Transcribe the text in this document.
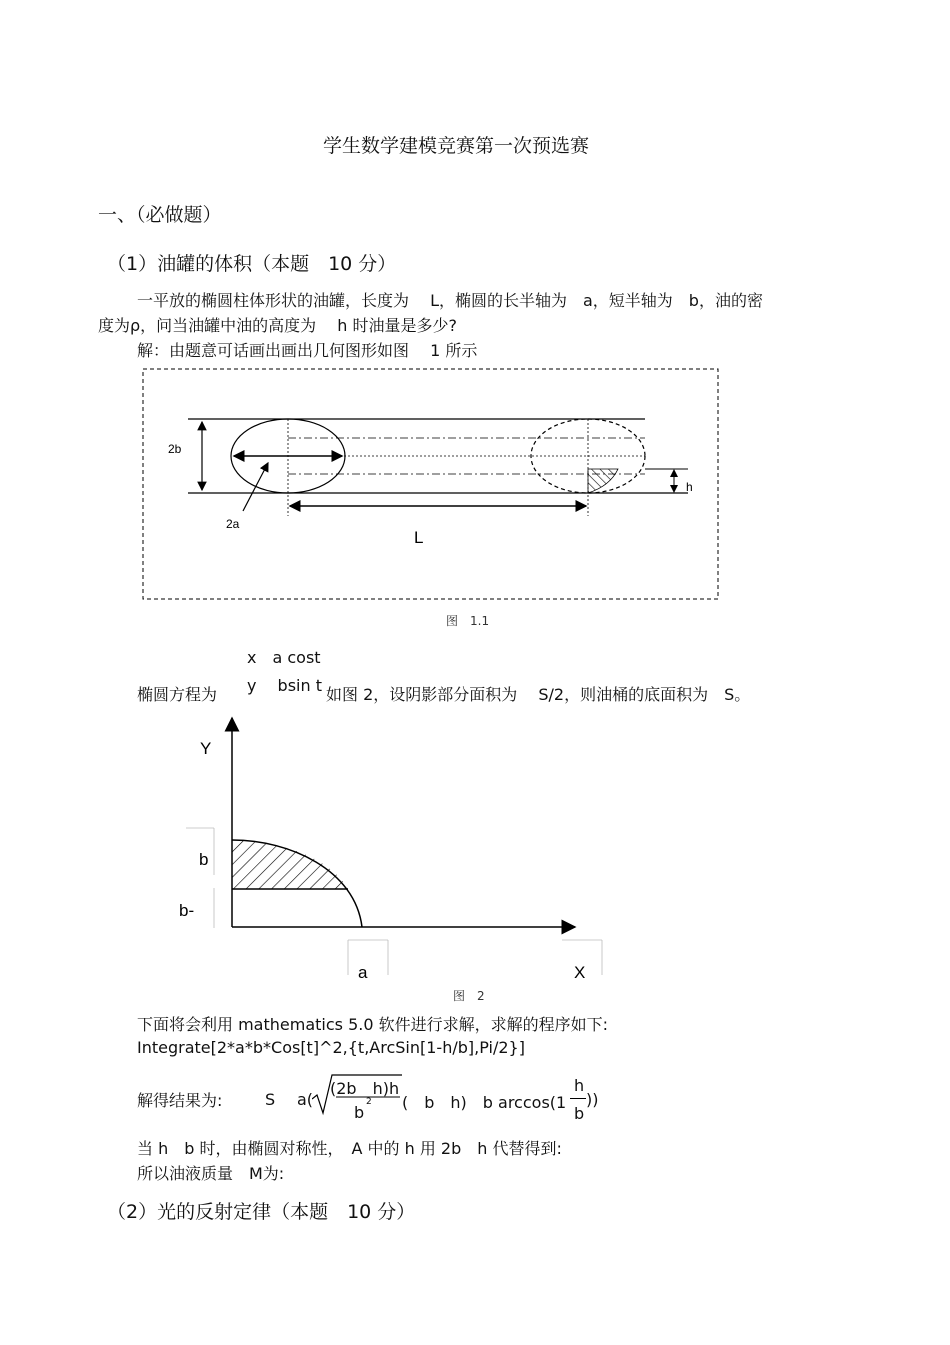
学生数学建模竞赛第一次预选赛
一、（必做题）
（1）油罐的体积（本题　10 分）
一平放的椭圆柱体形状的油罐，长度为　 L，椭圆的长半轴为　a，短半轴为　b，油的密
度为ρ，问当油罐中油的高度为　 h 时油量是多少?
解：由题意可话画出画出几何图形如图　 1 所示
2b
2a
L
h
图　1.1
x　a cost
椭圆方程为 y　 bsin t 如图 2，设阴影部分面积为　 S/2，则油桶的底面积为　S。
Y
b
b-
a	X
图　2
下面将会利用 mathematics 5.0 软件进行求解，求解的程序如下:
Integrate[2*a*b*Cos[t]^2,{t,ArcSin[1-h/b],Pi/2}]
解得结果为:	S a(
(2b　h)h
b
2 (　b　h)　b arccos(1
h
b
))
当 h　b 时，由椭圆对称性，　A 中的 h 用 2b　h 代替得到:
所以油液质量　M为:
（2）光的反射定律（本题　10 分）
